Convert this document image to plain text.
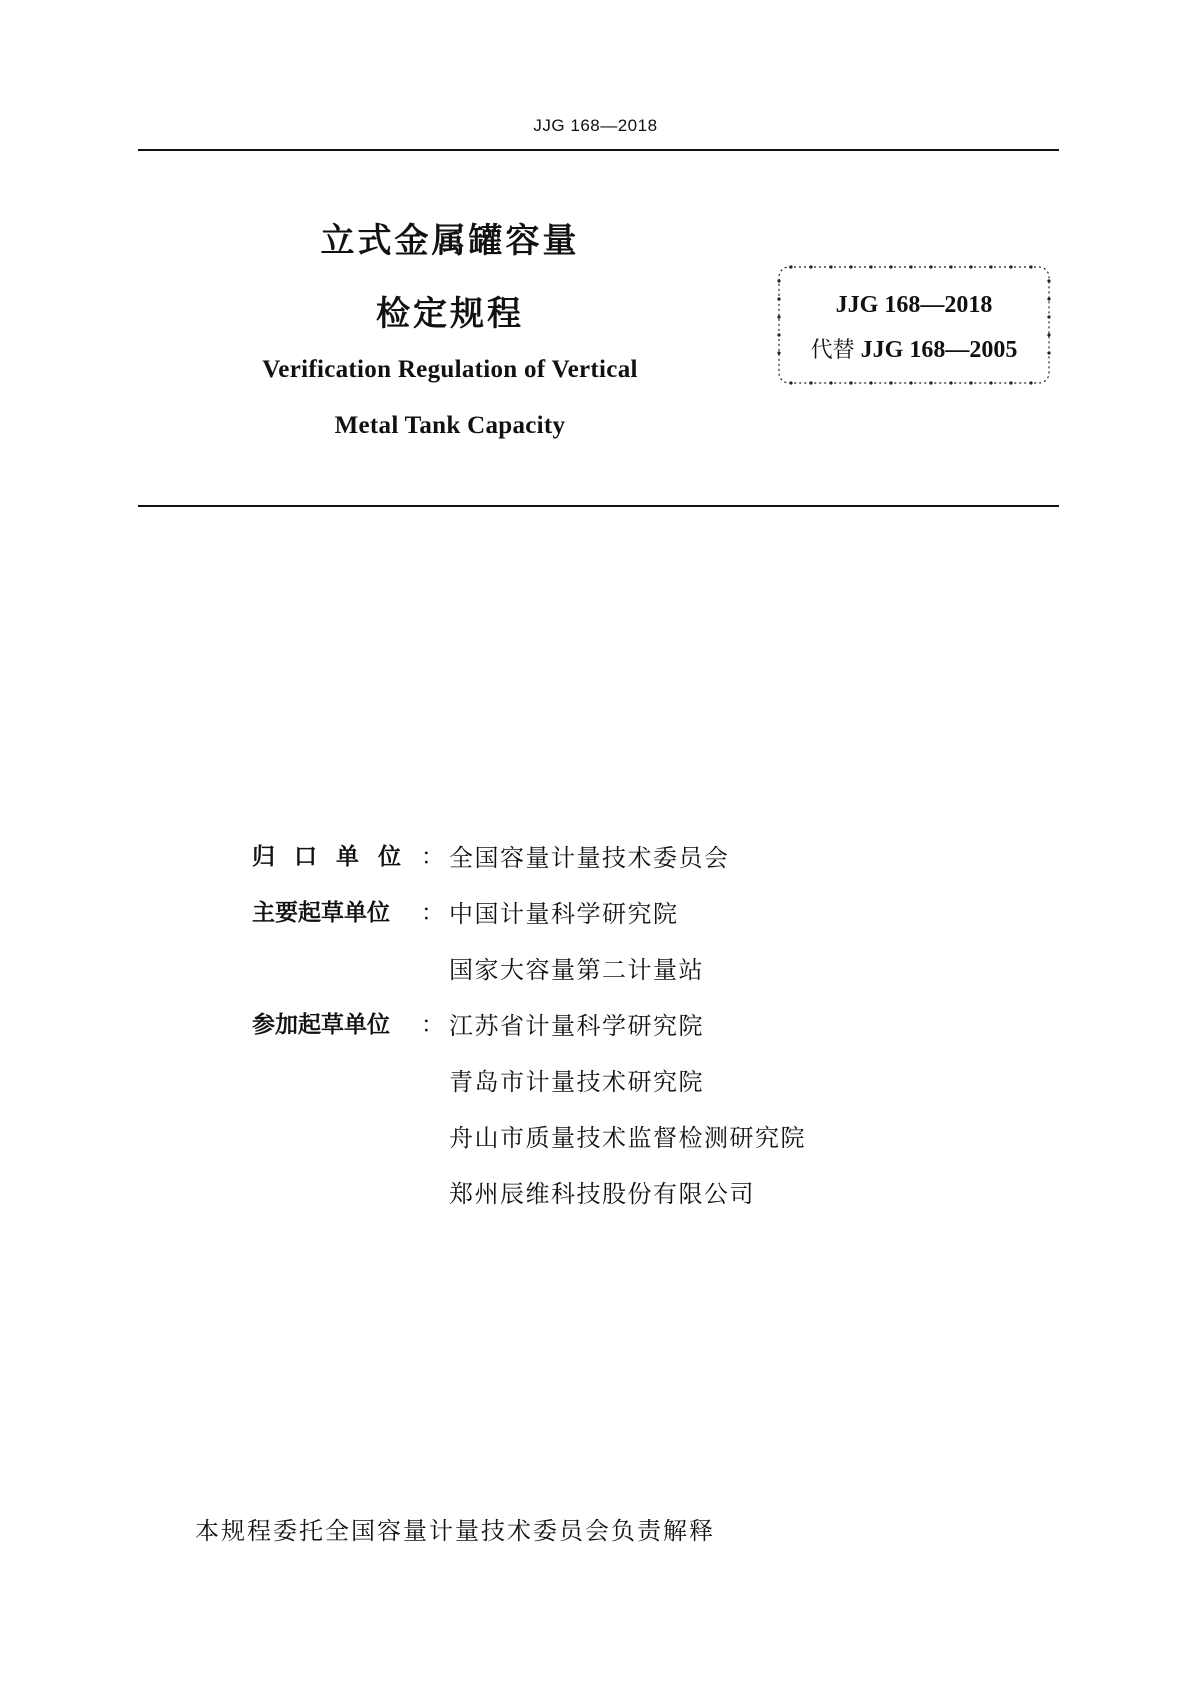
JJG 168—2018
立式金属罐容量
检定规程
Verification Regulation of Vertical
Metal Tank Capacity
JJG 168—2018
代替 JJG 168—2005
归口单位 ： 全国容量计量技术委员会
主要起草单位	： 中国计量科学研究院
国家大容量第二计量站
参加起草单位	： 江苏省计量科学研究院
青岛市计量技术研究院
舟山市质量技术监督检测研究院
郑州辰维科技股份有限公司
本规程委托全国容量计量技术委员会负责解释
